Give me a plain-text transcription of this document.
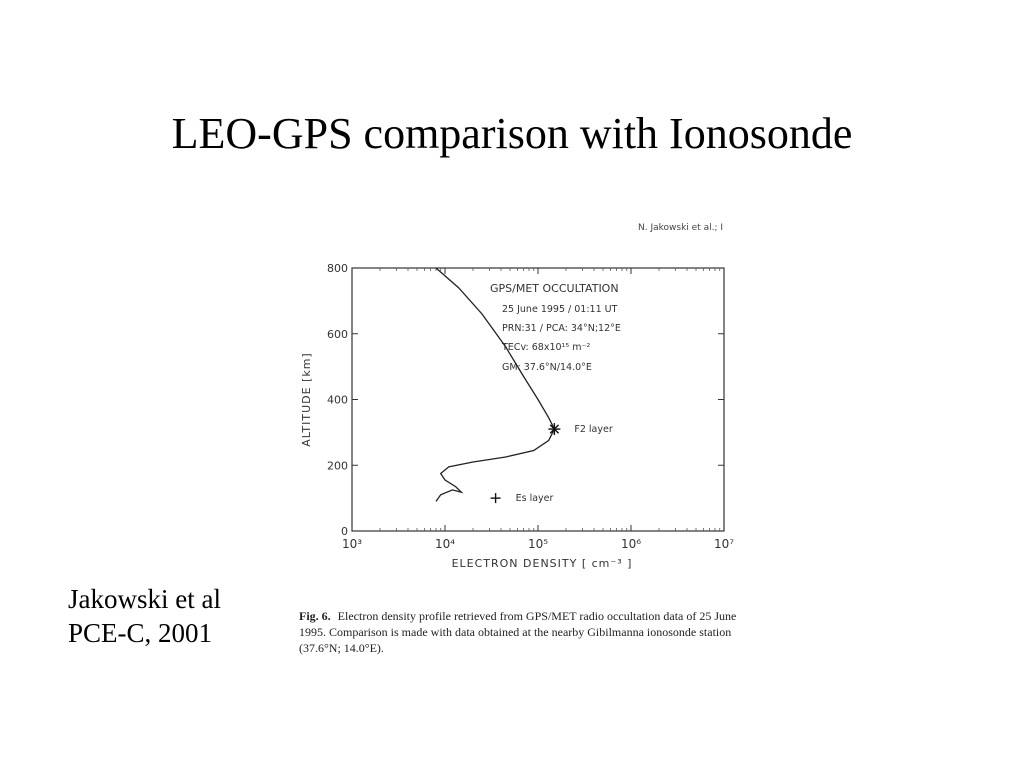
LEO-GPS comparison with Ionosonde
N. Jakowski et al.; I
0
200
400
600
800
10³	10⁴	10⁵	10⁶	10⁷
ALTITUDE [km]
ELECTRON DENSITY [ cm⁻³ ]
GPS/MET OCCULTATION
25 June 1995 / 01:11 UT
PRN:31 / PCA: 34°N;12°E
TECv: 68x10¹⁵ m⁻²
GM: 37.6°N/14.0°E
F2 layer
Es layer
Fig. 6. Electron density profile retrieved from GPS/MET radio occultation data of 25 June 1995. Comparison is made with data obtained at the nearby Gibilmanna ionosonde station (37.6°N; 14.0°E).
Jakowski et al
PCE-C, 2001
